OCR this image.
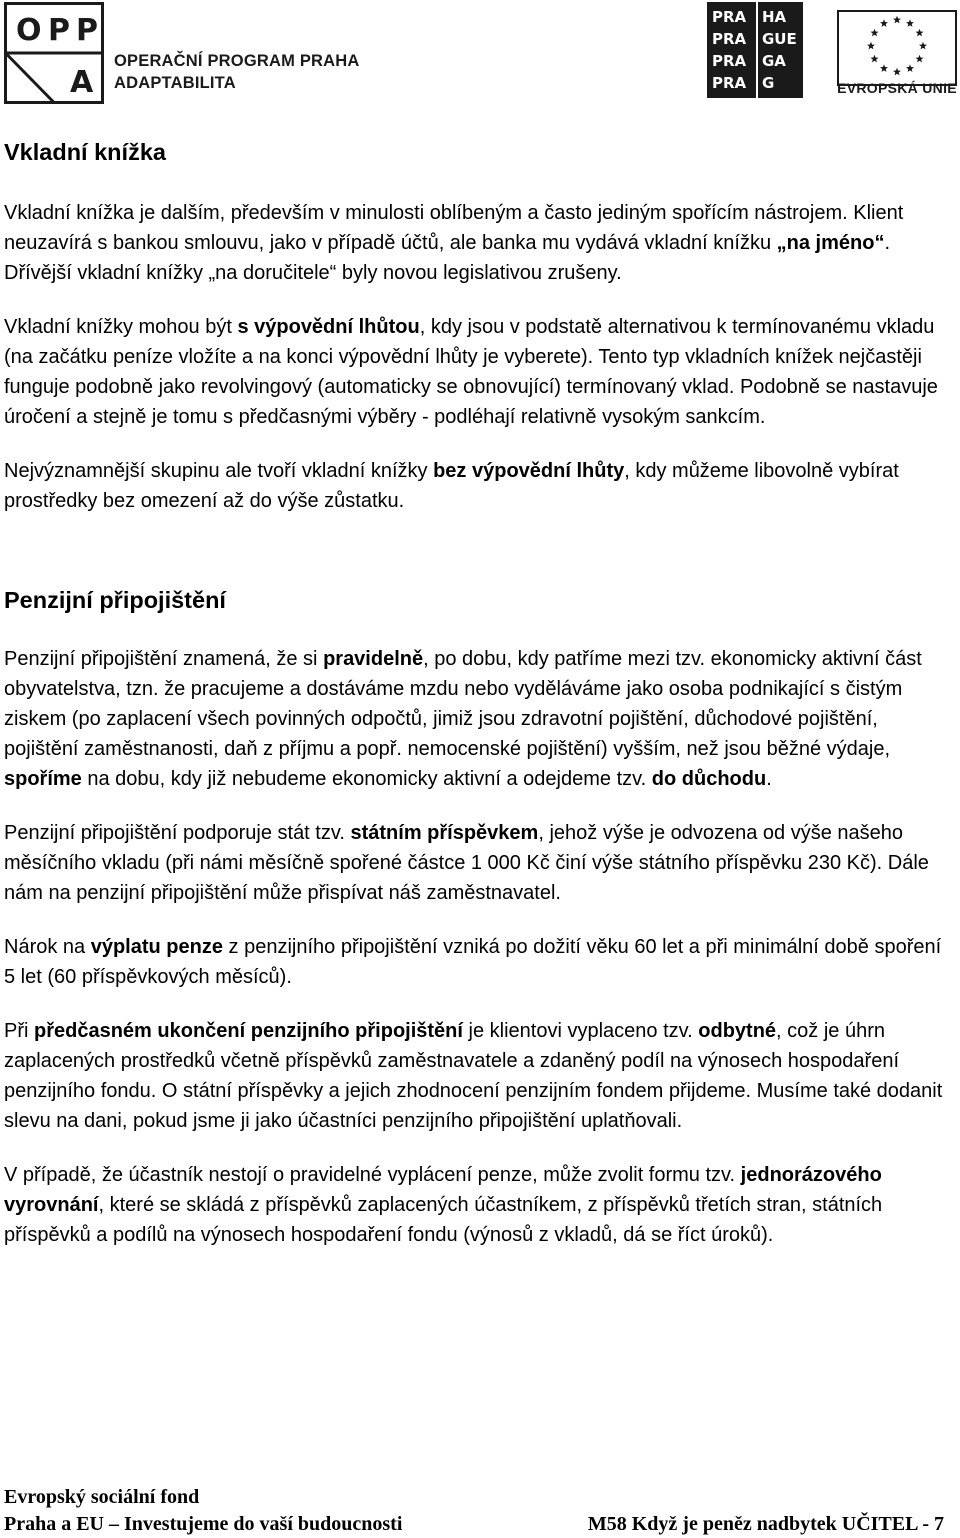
O P P
A
OPERAČNÍ PROGRAM PRAHA
ADAPTABILITA
PRA HA
PRA GUE
PRA GA
PRA G	EVROPSKÁ UNIE
Vkladní knížka

Vkladní knížka je dalším, především v minulosti oblíbeným a často jediným spořícím nástrojem. Klient neuzavírá s bankou smlouvu, jako v případě účtů, ale banka mu vydává vkladní knížku „na jméno“. Dřívější vkladní knížky „na doručitele“ byly novou legislativou zrušeny.

Vkladní knížky mohou být s výpovědní lhůtou, kdy jsou v podstatě alternativou k termínovanému vkladu (na začátku peníze vložíte a na konci výpovědní lhůty je vyberete). Tento typ vkladních knížek nejčastěji funguje podobně jako revolvingový (automaticky se obnovující) termínovaný vklad. Podobně se nastavuje úročení a stejně je tomu s předčasnými výběry - podléhají relativně vysokým sankcím.

Nejvýznamnější skupinu ale tvoří vkladní knížky bez výpovědní lhůty, kdy můžeme libovolně vybírat prostředky bez omezení až do výše zůstatku.

Penzijní připojištění

Penzijní připojištění znamená, že si pravidelně, po dobu, kdy patříme mezi tzv. ekonomicky aktivní část obyvatelstva, tzn. že pracujeme a dostáváme mzdu nebo vyděláváme jako osoba podnikající s čistým ziskem (po zaplacení všech povinných odpočtů, jimiž jsou zdravotní pojištění, důchodové pojištění, pojištění zaměstnanosti, daň z příjmu a popř. nemocenské pojištění) vyšším, než jsou běžné výdaje, spoříme na dobu, kdy již nebudeme ekonomicky aktivní a odejdeme tzv. do důchodu.

Penzijní připojištění podporuje stát tzv. státním příspěvkem, jehož výše je odvozena od výše našeho měsíčního vkladu (při námi měsíčně spořené částce 1 000 Kč činí výše státního příspěvku 230 Kč). Dále nám na penzijní připojištění může přispívat náš zaměstnavatel.

Nárok na výplatu penze z penzijního připojištění vzniká po dožití věku 60 let a při minimální době spoření 5 let (60 příspěvkových měsíců).

Při předčasném ukončení penzijního připojištění je klientovi vyplaceno tzv. odbytné, což je úhrn zaplacených prostředků včetně příspěvků zaměstnavatele a zdaněný podíl na výnosech hospodaření penzijního fondu. O státní příspěvky a jejich zhodnocení penzijním fondem přijdeme. Musíme také dodanit slevu na dani, pokud jsme ji jako účastníci penzijního připojištění uplatňovali.

V případě, že účastník nestojí o pravidelné vyplácení penze, může zvolit formu tzv. jednorázového vyrovnání, které se skládá z příspěvků zaplacených účastníkem, z příspěvků třetích stran, státních příspěvků a podílů na výnosech hospodaření fondu (výnosů z vkladů, dá se říct úroků).

Evropský sociální fond
Praha a EU – Investujeme do vaší budoucnosti	M58 Když je peněz nadbytek UČITEL - 7
